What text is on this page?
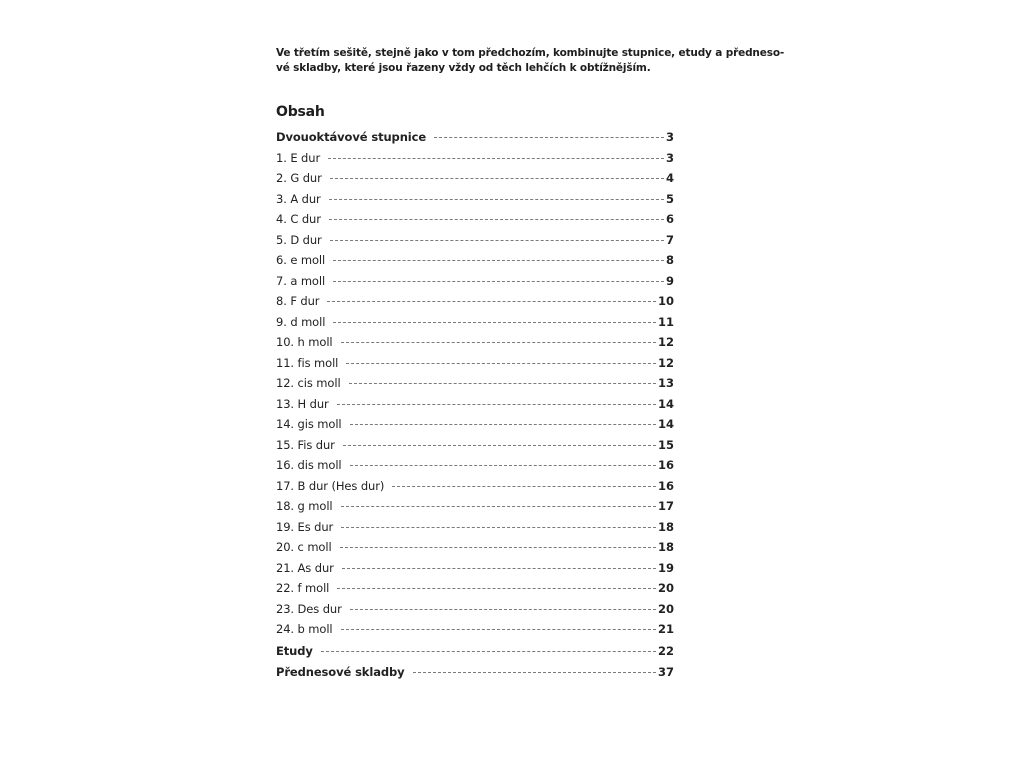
Ve třetím sešitě, stejně jako v tom předchozím, kombinujte stupnice, etudy a předneso-
vé skladby, které jsou řazeny vždy od těch lehčích k obtížnějším.

Obsah
Dvouoktávové stupnice	3
1. E dur	3
2. G dur	4
3. A dur	5
4. C dur	6
5. D dur	7
6. e moll	8
7. a moll	9
8. F dur	10
9. d moll	11
10. h moll	12
11. fis moll	12
12. cis moll	13
13. H dur	14
14. gis moll	14
15. Fis dur	15
16. dis moll	16
17. B dur (Hes dur)	16
18. g moll	17
19. Es dur	18
20. c moll	18
21. As dur	19
22. f moll	20
23. Des dur	20
24. b moll	21
Etudy	22
Přednesové skladby	37
